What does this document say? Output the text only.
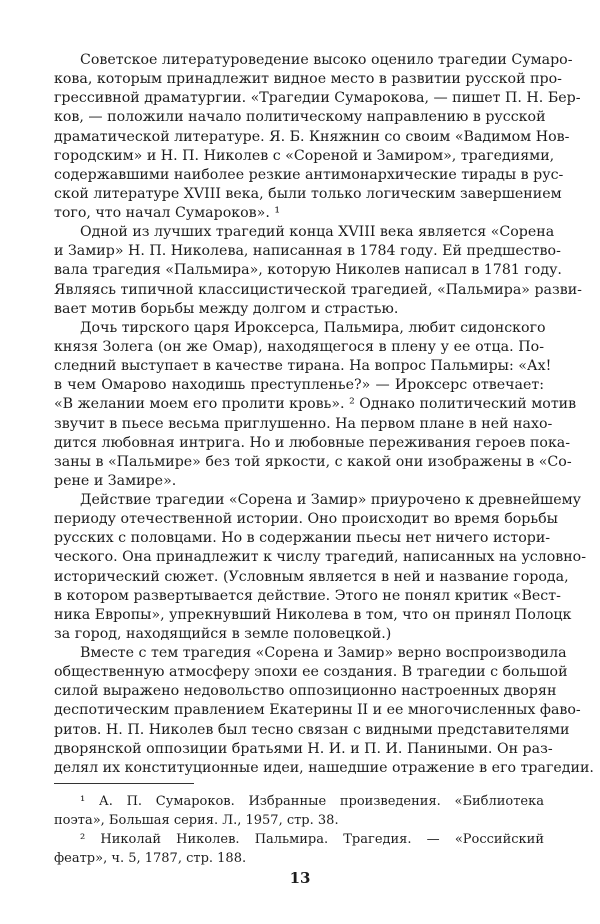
Советское литературоведение высоко оценило трагедии Сумаро-
кова, которым принадлежит видное место в развитии русской про-
грессивной драматургии. «Трагедии Сумарокова, — пишет П. Н. Бер-
ков, — положили начало политическому направлению в русской
драматической литературе. Я. Б. Княжнин со своим «Вадимом Нов-
городским» и Н. П. Николев с «Сореной и Замиром», трагедиями,
содержавшими наиболее резкие антимонархические тирады в рус-
ской литературе XVIII века, были только логическим завершением
того, что начал Сумароков». ¹
Одной из лучших трагедий конца XVIII века является «Сорена
и Замир» Н. П. Николева, написанная в 1784 году. Ей предшество-
вала трагедия «Пальмира», которую Николев написал в 1781 году.
Являясь типичной классицистической трагедией, «Пальмира» разви-
вает мотив борьбы между долгом и страстью.
Дочь тирского царя Ироксерса, Пальмира, любит сидонского
князя Золега (он же Омар), находящегося в плену у ее отца. По-
следний выступает в качестве тирана. На вопрос Пальмиры: «Ах!
в чем Омарово находишь преступленье?» — Ироксерс отвечает:
«В желании моем его пролити кровь». ² Однако политический мотив
звучит в пьесе весьма приглушенно. На первом плане в ней нахо-
дится любовная интрига. Но и любовные переживания героев пока-
заны в «Пальмире» без той яркости, с какой они изображены в «Со-
рене и Замире».
Действие трагедии «Сорена и Замир» приурочено к древнейшему
периоду отечественной истории. Оно происходит во время борьбы
русских с половцами. Но в содержании пьесы нет ничего истори-
ческого. Она принадлежит к числу трагедий, написанных на условно-
исторический сюжет. (Условным является в ней и название города,
в котором развертывается действие. Этого не понял критик «Вест-
ника Европы», упрекнувший Николева в том, что он принял Полоцк
за город, находящийся в земле половецкой.)
Вместе с тем трагедия «Сорена и Замир» верно воспроизводила
общественную атмосферу эпохи ее создания. В трагедии с большой
силой выражено недовольство оппозиционно настроенных дворян
деспотическим правлением Екатерины II и ее многочисленных фаво-
ритов. Н. П. Николев был тесно связан с видными представителями
дворянской оппозиции братьями Н. И. и П. И. Паниными. Он раз-
делял их конституционные идеи, нашедшие отражение в его трагедии.
¹ А. П. Сумароков. Избранные произведения. «Библиотека
поэта», Большая серия. Л., 1957, стр. 38.
² Николай Николев. Пальмира. Трагедия. — «Российский
феатр», ч. 5, 1787, стр. 188.
13
